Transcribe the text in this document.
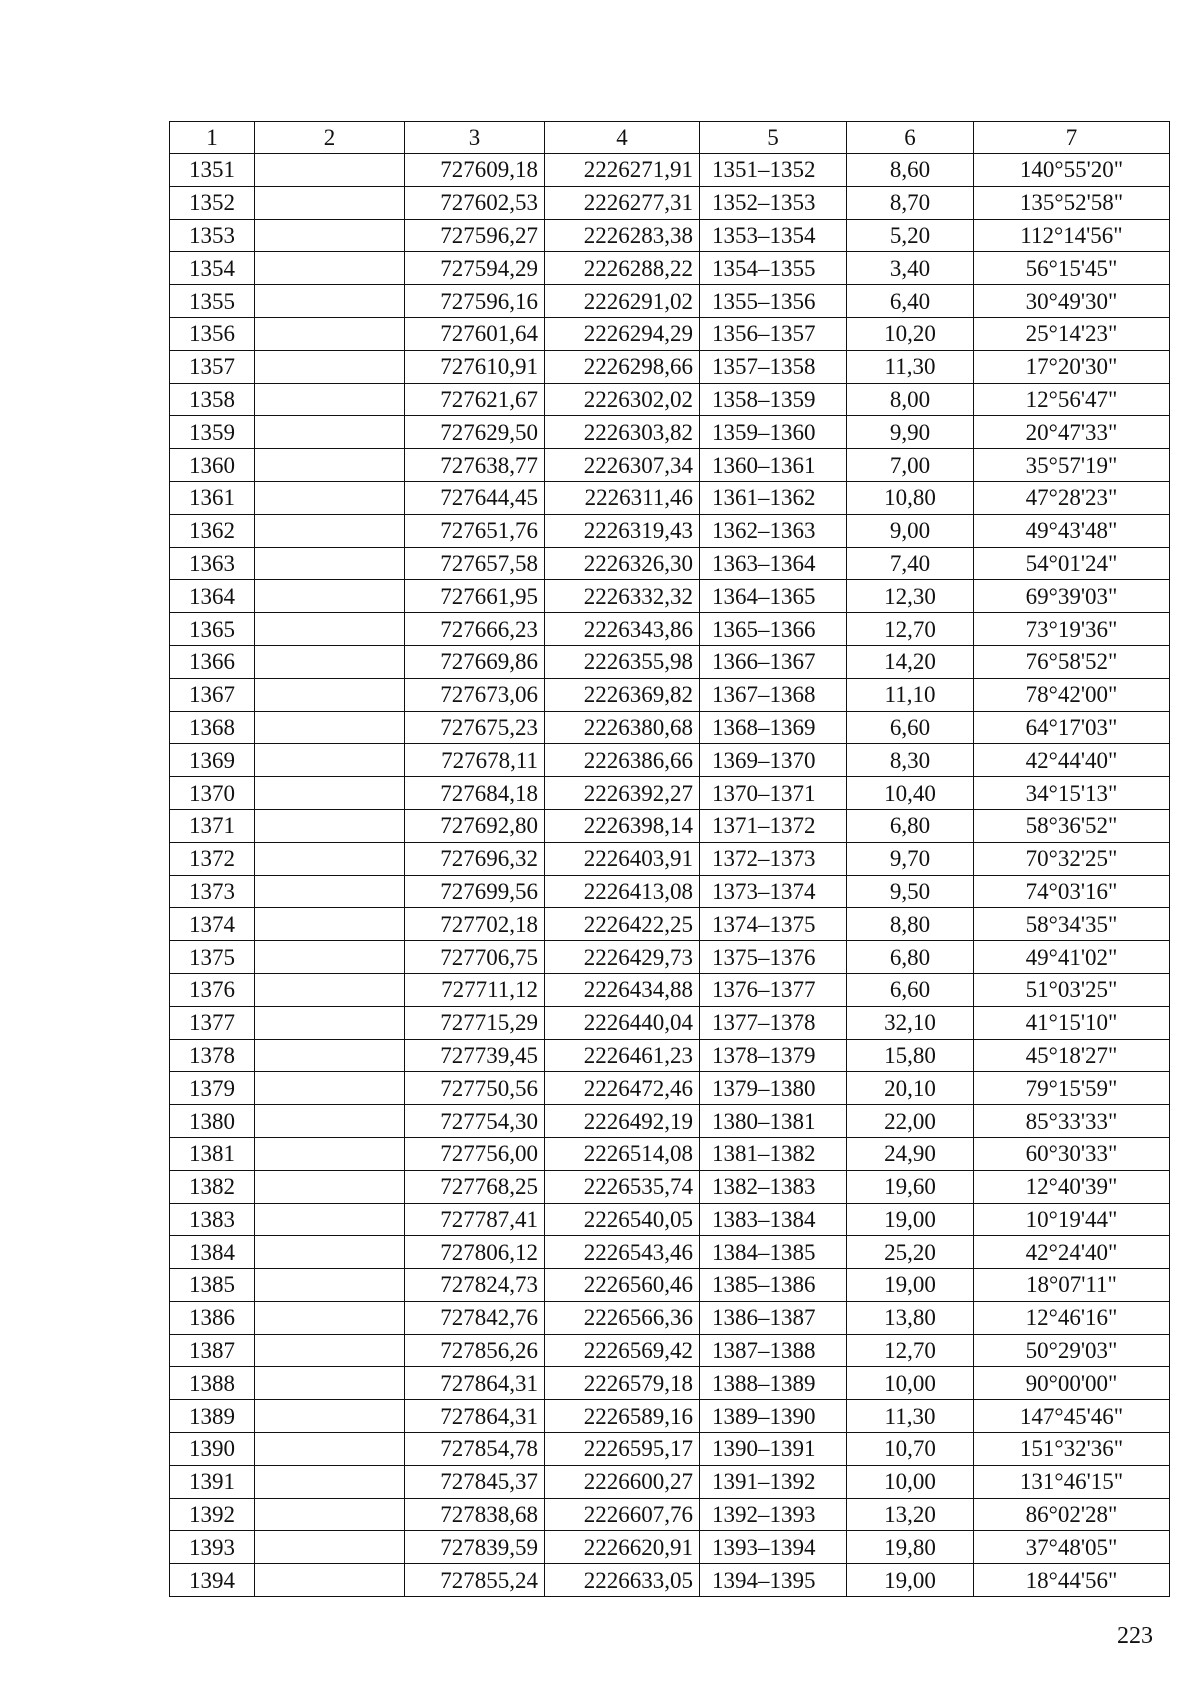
1	2	3	4	5	6	7
1351		727609,18	2226271,91	1351–1352	8,60	140°55'20"
1352		727602,53	2226277,31	1352–1353	8,70	135°52'58"
1353		727596,27	2226283,38	1353–1354	5,20	112°14'56"
1354		727594,29	2226288,22	1354–1355	3,40	56°15'45"
1355		727596,16	2226291,02	1355–1356	6,40	30°49'30"
1356		727601,64	2226294,29	1356–1357	10,20	25°14'23"
1357		727610,91	2226298,66	1357–1358	11,30	17°20'30"
1358		727621,67	2226302,02	1358–1359	8,00	12°56'47"
1359		727629,50	2226303,82	1359–1360	9,90	20°47'33"
1360		727638,77	2226307,34	1360–1361	7,00	35°57'19"
1361		727644,45	2226311,46	1361–1362	10,80	47°28'23"
1362		727651,76	2226319,43	1362–1363	9,00	49°43'48"
1363		727657,58	2226326,30	1363–1364	7,40	54°01'24"
1364		727661,95	2226332,32	1364–1365	12,30	69°39'03"
1365		727666,23	2226343,86	1365–1366	12,70	73°19'36"
1366		727669,86	2226355,98	1366–1367	14,20	76°58'52"
1367		727673,06	2226369,82	1367–1368	11,10	78°42'00"
1368		727675,23	2226380,68	1368–1369	6,60	64°17'03"
1369		727678,11	2226386,66	1369–1370	8,30	42°44'40"
1370		727684,18	2226392,27	1370–1371	10,40	34°15'13"
1371		727692,80	2226398,14	1371–1372	6,80	58°36'52"
1372		727696,32	2226403,91	1372–1373	9,70	70°32'25"
1373		727699,56	2226413,08	1373–1374	9,50	74°03'16"
1374		727702,18	2226422,25	1374–1375	8,80	58°34'35"
1375		727706,75	2226429,73	1375–1376	6,80	49°41'02"
1376		727711,12	2226434,88	1376–1377	6,60	51°03'25"
1377		727715,29	2226440,04	1377–1378	32,10	41°15'10"
1378		727739,45	2226461,23	1378–1379	15,80	45°18'27"
1379		727750,56	2226472,46	1379–1380	20,10	79°15'59"
1380		727754,30	2226492,19	1380–1381	22,00	85°33'33"
1381		727756,00	2226514,08	1381–1382	24,90	60°30'33"
1382		727768,25	2226535,74	1382–1383	19,60	12°40'39"
1383		727787,41	2226540,05	1383–1384	19,00	10°19'44"
1384		727806,12	2226543,46	1384–1385	25,20	42°24'40"
1385		727824,73	2226560,46	1385–1386	19,00	18°07'11"
1386		727842,76	2226566,36	1386–1387	13,80	12°46'16"
1387		727856,26	2226569,42	1387–1388	12,70	50°29'03"
1388		727864,31	2226579,18	1388–1389	10,00	90°00'00"
1389		727864,31	2226589,16	1389–1390	11,30	147°45'46"
1390		727854,78	2226595,17	1390–1391	10,70	151°32'36"
1391		727845,37	2226600,27	1391–1392	10,00	131°46'15"
1392		727838,68	2226607,76	1392–1393	13,20	86°02'28"
1393		727839,59	2226620,91	1393–1394	19,80	37°48'05"
1394		727855,24	2226633,05	1394–1395	19,00	18°44'56"
223
